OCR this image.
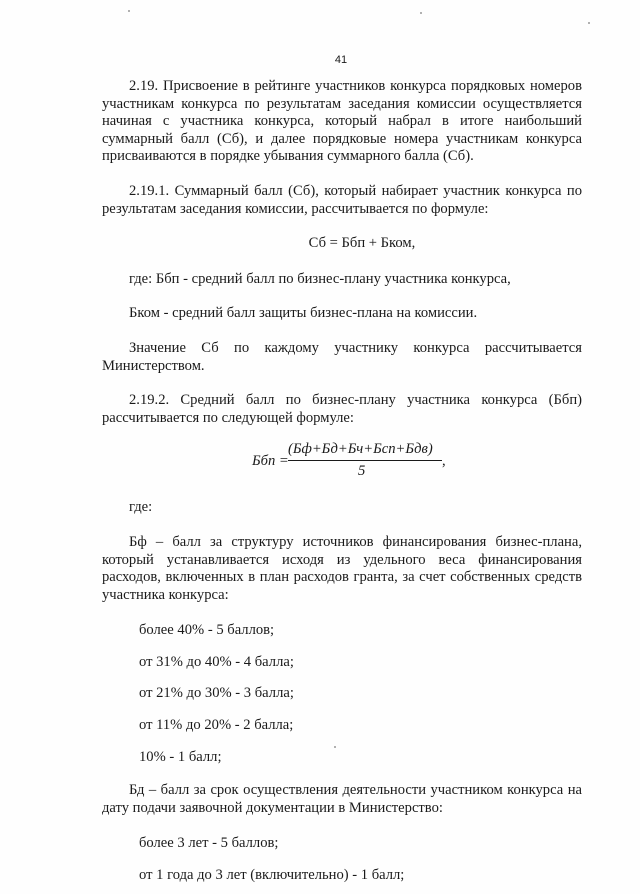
41

2.19. Присвоение в рейтинге участников конкурса порядковых номеров участникам конкурса по результатам заседания комиссии осуществляется начиная с участника конкурса, который набрал в итоге наибольший суммарный балл (Сб), и далее порядковые номера участникам конкурса присваиваются в порядке убывания суммарного балла (Сб).

2.19.1. Суммарный балл (Сб), который набирает участник конкурса по результатам заседания комиссии, рассчитывается по формуле:

Сб = Ббп + Бком,

где: Ббп - средний балл по бизнес-плану участника конкурса,

Бком - средний балл защиты бизнес-плана на комиссии.

Значение Сб по каждому участнику конкурса рассчитывается Министерством.

2.19.2. Средний балл по бизнес-плану участника конкурса (Ббп) рассчитывается по следующей формуле:

Ббп =
(Бф+Бд+Бч+Бсп+Бдв)
5
,

где:

Бф – балл за структуру источников финансирования бизнес-плана, который устанавливается исходя из удельного веса финансирования расходов, включенных в план расходов гранта, за счет собственных средств участника конкурса:

более 40% - 5 баллов;

от 31% до 40% - 4 балла;

от 21% до 30% - 3 балла;

от 11% до 20% - 2 балла;

10% - 1 балл;

Бд – балл за срок осуществления деятельности участником конкурса на дату подачи заявочной документации в Министерство:

более 3 лет - 5 баллов;

от 1 года до 3 лет (включительно) - 1 балл;
